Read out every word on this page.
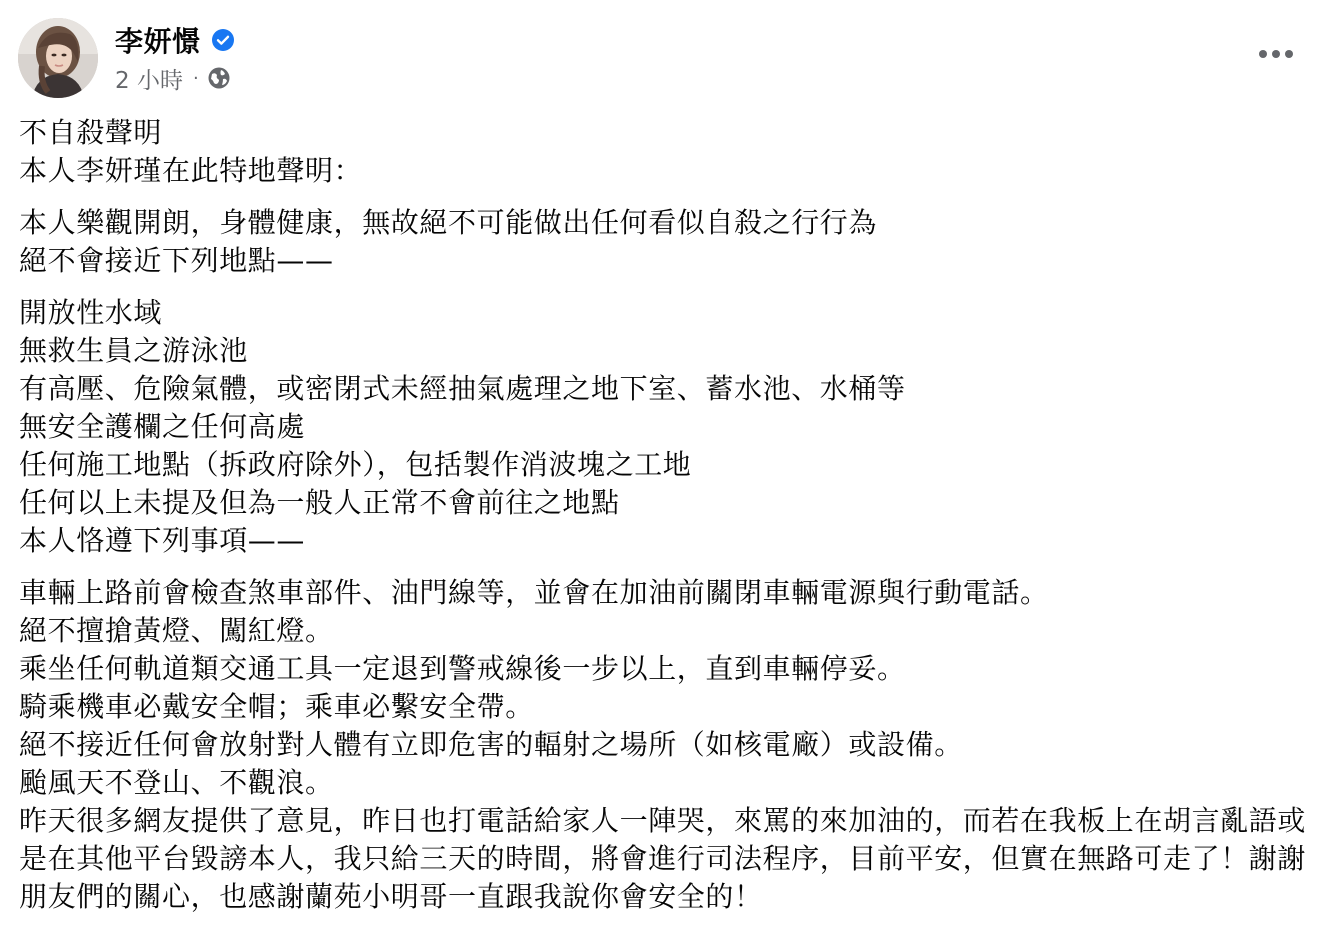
李妍憬
2 小時 ·
不自殺聲明
本人李妍瑾在此特地聲明：
本人樂觀開朗，身體健康，無故絕不可能做出任何看似自殺之行行為
絕不會接近下列地點——
開放性水域
無救生員之游泳池
有高壓、危險氣體，或密閉式未經抽氣處理之地下室、蓄水池、水桶等
無安全護欄之任何高處
任何施工地點（拆政府除外），包括製作消波塊之工地
任何以上未提及但為一般人正常不會前往之地點
本人恪遵下列事項——
車輛上路前會檢查煞車部件、油門線等，並會在加油前關閉車輛電源與行動電話。
絕不擅搶黃燈、闖紅燈。
乘坐任何軌道類交通工具一定退到警戒線後一步以上，直到車輛停妥。
騎乘機車必戴安全帽；乘車必繫安全帶。
絕不接近任何會放射對人體有立即危害的輻射之場所（如核電廠）或設備。
颱風天不登山、不觀浪。
昨天很多網友提供了意見，昨日也打電話給家人一陣哭，來罵的來加油的，而若在我板上在胡言亂語或是在其他平台毀謗本人，我只給三天的時間，將會進行司法程序，目前平安，但實在無路可走了！謝謝朋友們的關心，也感謝蘭苑小明哥一直跟我說你會安全的！
